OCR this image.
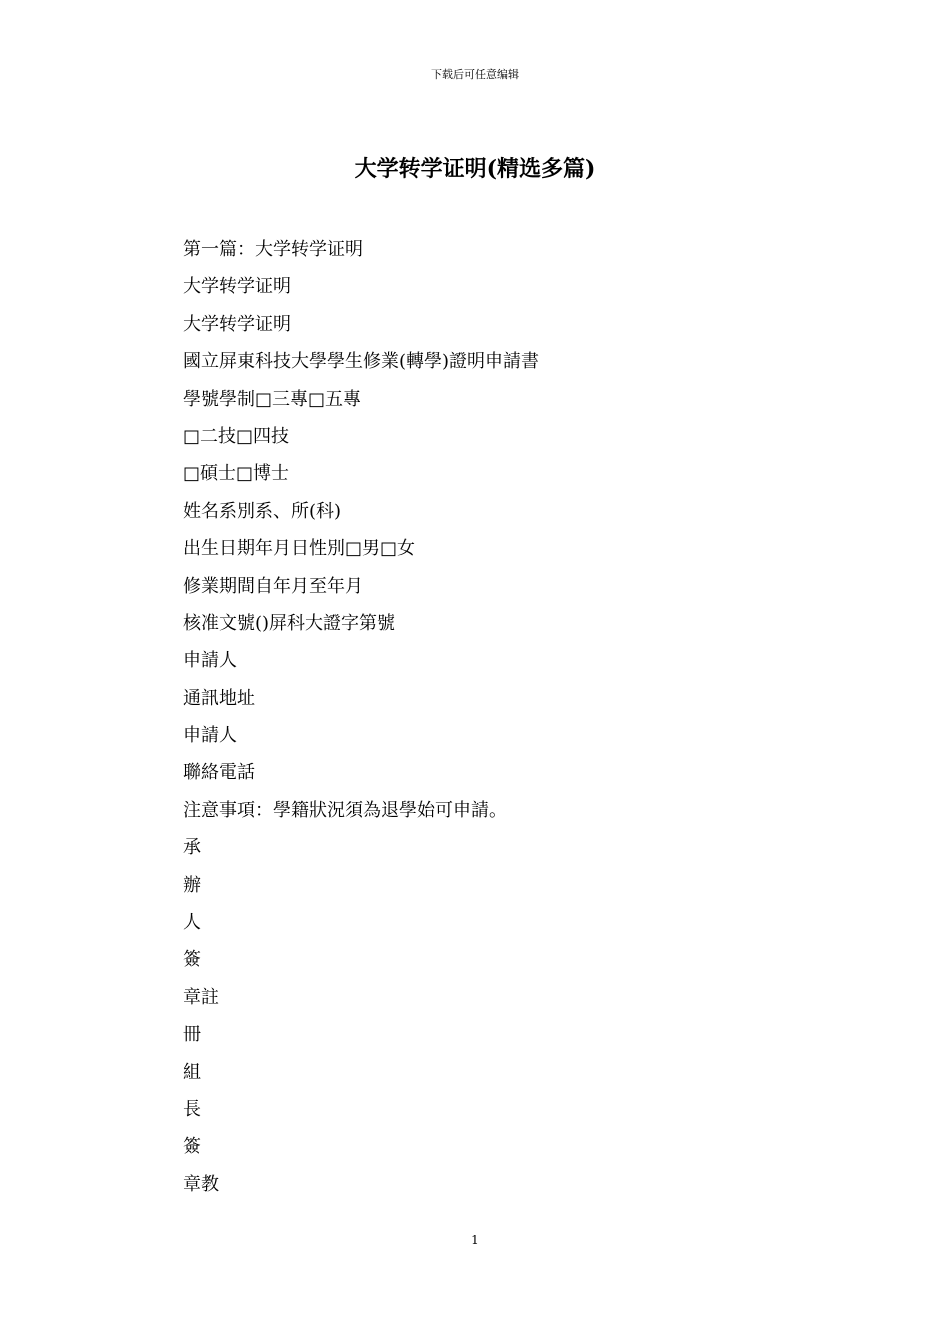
下载后可任意编辑
大学转学证明(精选多篇)
第一篇：大学转学证明
大学转学证明
大学转学证明
國立屏東科技大學學生修業(轉學)證明申請書
學號學制□三專□五專
□二技□四技
□碩士□博士
姓名系別系、所(科)
出生日期年月日性別□男□女
修業期間自年月至年月
核准文號()屏科大證字第號
申請人
通訊地址
申請人
聯絡電話
注意事項：學籍狀況須為退學始可申請。
承
辦
人
簽
章註
冊
組
長
簽
章教
1
